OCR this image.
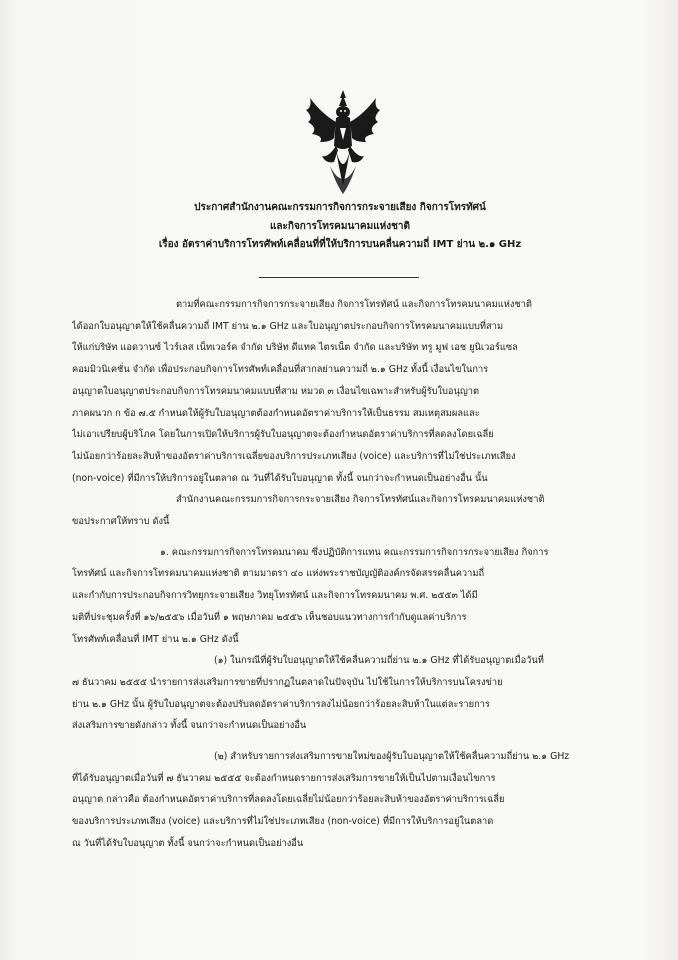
ประกาศสำนักงานคณะกรรมการกิจการกระจายเสียง กิจการโทรทัศน์
และกิจการโทรคมนาคมแห่งชาติ
เรื่อง อัตราค่าบริการโทรศัพท์เคลื่อนที่ที่ให้บริการบนคลื่นความถี่ IMT ย่าน ๒.๑ GHz
ตามที่คณะกรรมการกิจการกระจายเสียง กิจการโทรทัศน์ และกิจการโทรคมนาคมแห่งชาติ
ได้ออกใบอนุญาตให้ใช้คลื่นความถี่ IMT ย่าน ๒.๑ GHz และใบอนุญาตประกอบกิจการโทรคมนาคมแบบที่สาม
ให้แก่บริษัท แอดวานซ์ ไวร์เลส เน็ทเวอร์ค จำกัด บริษัท ดีแทค ไตรเน็ต จำกัด และบริษัท ทรู มูฟ เอช ยูนิเวอร์แซล
คอมมิวนิเคชั่น จำกัด เพื่อประกอบกิจการโทรศัพท์เคลื่อนที่สากลย่านความถี่ ๒.๑ GHz ทั้งนี้ เงื่อนไขในการ
อนุญาตใบอนุญาตประกอบกิจการโทรคมนาคมแบบที่สาม หมวด ๓ เงื่อนไขเฉพาะสำหรับผู้รับใบอนุญาต
ภาคผนวก ก ข้อ ๗.๕ กำหนดให้ผู้รับใบอนุญาตต้องกำหนดอัตราค่าบริการให้เป็นธรรม สมเหตุสมผลและ
ไม่เอาเปรียบผู้บริโภค โดยในการเปิดให้บริการผู้รับใบอนุญาตจะต้องกำหนดอัตราค่าบริการที่ลดลงโดยเฉลี่ย
ไม่น้อยกว่าร้อยละสิบห้าของอัตราค่าบริการเฉลี่ยของบริการประเภทเสียง (voice) และบริการที่ไม่ใช่ประเภทเสียง
(non-voice) ที่มีการให้บริการอยู่ในตลาด ณ วันที่ได้รับใบอนุญาต ทั้งนี้ จนกว่าจะกำหนดเป็นอย่างอื่น นั้น
สำนักงานคณะกรรมการกิจการกระจายเสียง กิจการโทรทัศน์และกิจการโทรคมนาคมแห่งชาติ
ขอประกาศให้ทราบ ดังนี้
๑. คณะกรรมการกิจการโทรคมนาคม ซึ่งปฏิบัติการแทน คณะกรรมการกิจการกระจายเสียง กิจการ
โทรทัศน์ และกิจการโทรคมนาคมแห่งชาติ ตามมาตรา ๔๐ แห่งพระราชบัญญัติองค์กรจัดสรรคลื่นความถี่
และกำกับการประกอบกิจการวิทยุกระจายเสียง วิทยุโทรทัศน์ และกิจการโทรคมนาคม พ.ศ. ๒๕๕๓ ได้มี
มติที่ประชุมครั้งที่ ๑๖/๒๕๕๖ เมื่อวันที่ ๑ พฤษภาคม ๒๕๕๖ เห็นชอบแนวทางการกำกับดูแลค่าบริการ
โทรศัพท์เคลื่อนที่ IMT ย่าน ๒.๑ GHz ดังนี้
(๑) ในกรณีที่ผู้รับใบอนุญาตให้ใช้คลื่นความถี่ย่าน ๒.๑ GHz ที่ได้รับอนุญาตเมื่อวันที่
๗ ธันวาคม ๒๕๕๕ นำรายการส่งเสริมการขายที่ปรากฏในตลาดในปัจจุบัน ไปใช้ในการให้บริการบนโครงข่าย
ย่าน ๒.๑ GHz นั้น ผู้รับใบอนุญาตจะต้องปรับลดอัตราค่าบริการลงไม่น้อยกว่าร้อยละสิบห้าในแต่ละรายการ
ส่งเสริมการขายดังกล่าว ทั้งนี้ จนกว่าจะกำหนดเป็นอย่างอื่น
(๒) สำหรับรายการส่งเสริมการขายใหม่ของผู้รับใบอนุญาตให้ใช้คลื่นความถี่ย่าน ๒.๑ GHz
ที่ได้รับอนุญาตเมื่อวันที่ ๗ ธันวาคม ๒๕๕๕ จะต้องกำหนดรายการส่งเสริมการขายให้เป็นไปตามเงื่อนไขการ
อนุญาต กล่าวคือ ต้องกำหนดอัตราค่าบริการที่ลดลงโดยเฉลี่ยไม่น้อยกว่าร้อยละสิบห้าของอัตราค่าบริการเฉลี่ย
ของบริการประเภทเสียง (voice) และบริการที่ไม่ใช่ประเภทเสียง (non-voice) ที่มีการให้บริการอยู่ในตลาด
ณ วันที่ได้รับใบอนุญาต ทั้งนี้ จนกว่าจะกำหนดเป็นอย่างอื่น
